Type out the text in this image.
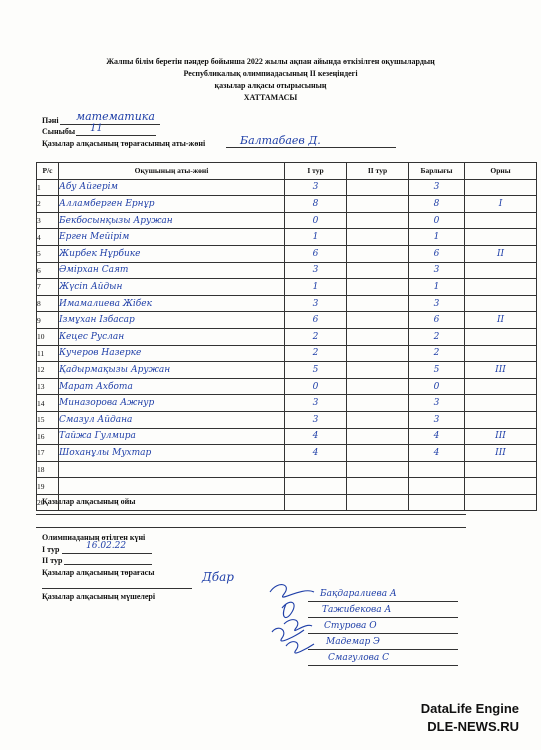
Жалпы білім беретін пәндер бойынша 2022 жылы ақпан айында өткізілген оқушылардың
Республикалық олимпиадасының ІІ кезеңіндегі
қазылар алқасы отырысының
ХАТТАМАСЫ
Пәні математика
Сыныбы 11
Қазылар алқасының төрағасының аты-жөні	Балтабаев Д.
Р/с	Оқушының аты-жөні	І тур	ІІ тур	Барлығы	Орны
1	Абу Айгерім	3		3	
2	Алламберген Ернұр	8		8	I
3	Бекбосынқызы Аружан	0		0	
4	Ерген Мейірім	1		1	
5	Жирбек Нұрбике	6		6	II
6	Әмірхан Саят	3		3	
7	Жүсіп Айдын	1		1	
8	Имамалиева Жібек	3		3	
9	Ізмұхан Ізбасар	6		6	II
10	Кецес Руслан	2		2	
11	Кучеров Назерке	2		2	
12	Қадырмақызы Аружан	5		5	III
13	Марат Ахбота	0		0	
14	Миназорова Ажнур	3		3	
15	Смазул Айдана	3		3	
16	Тайжа Гулмира	4		4	III
17	Шоханұлы Мухтар	4		4	III
18					
19					
20					
Қазылар алқасының ойы
Олимпиаданың өтілген күні
І тур	16.02.22
ІІ тур
Қазылар алқасының төрағасы	Дбар
Қазылар алқасының мүшелері	Бақдаралиева А
Тажибекова А
Стурова О
Мадемар Э
Смагулова С
DataLife Engine
DLE-NEWS.RU
